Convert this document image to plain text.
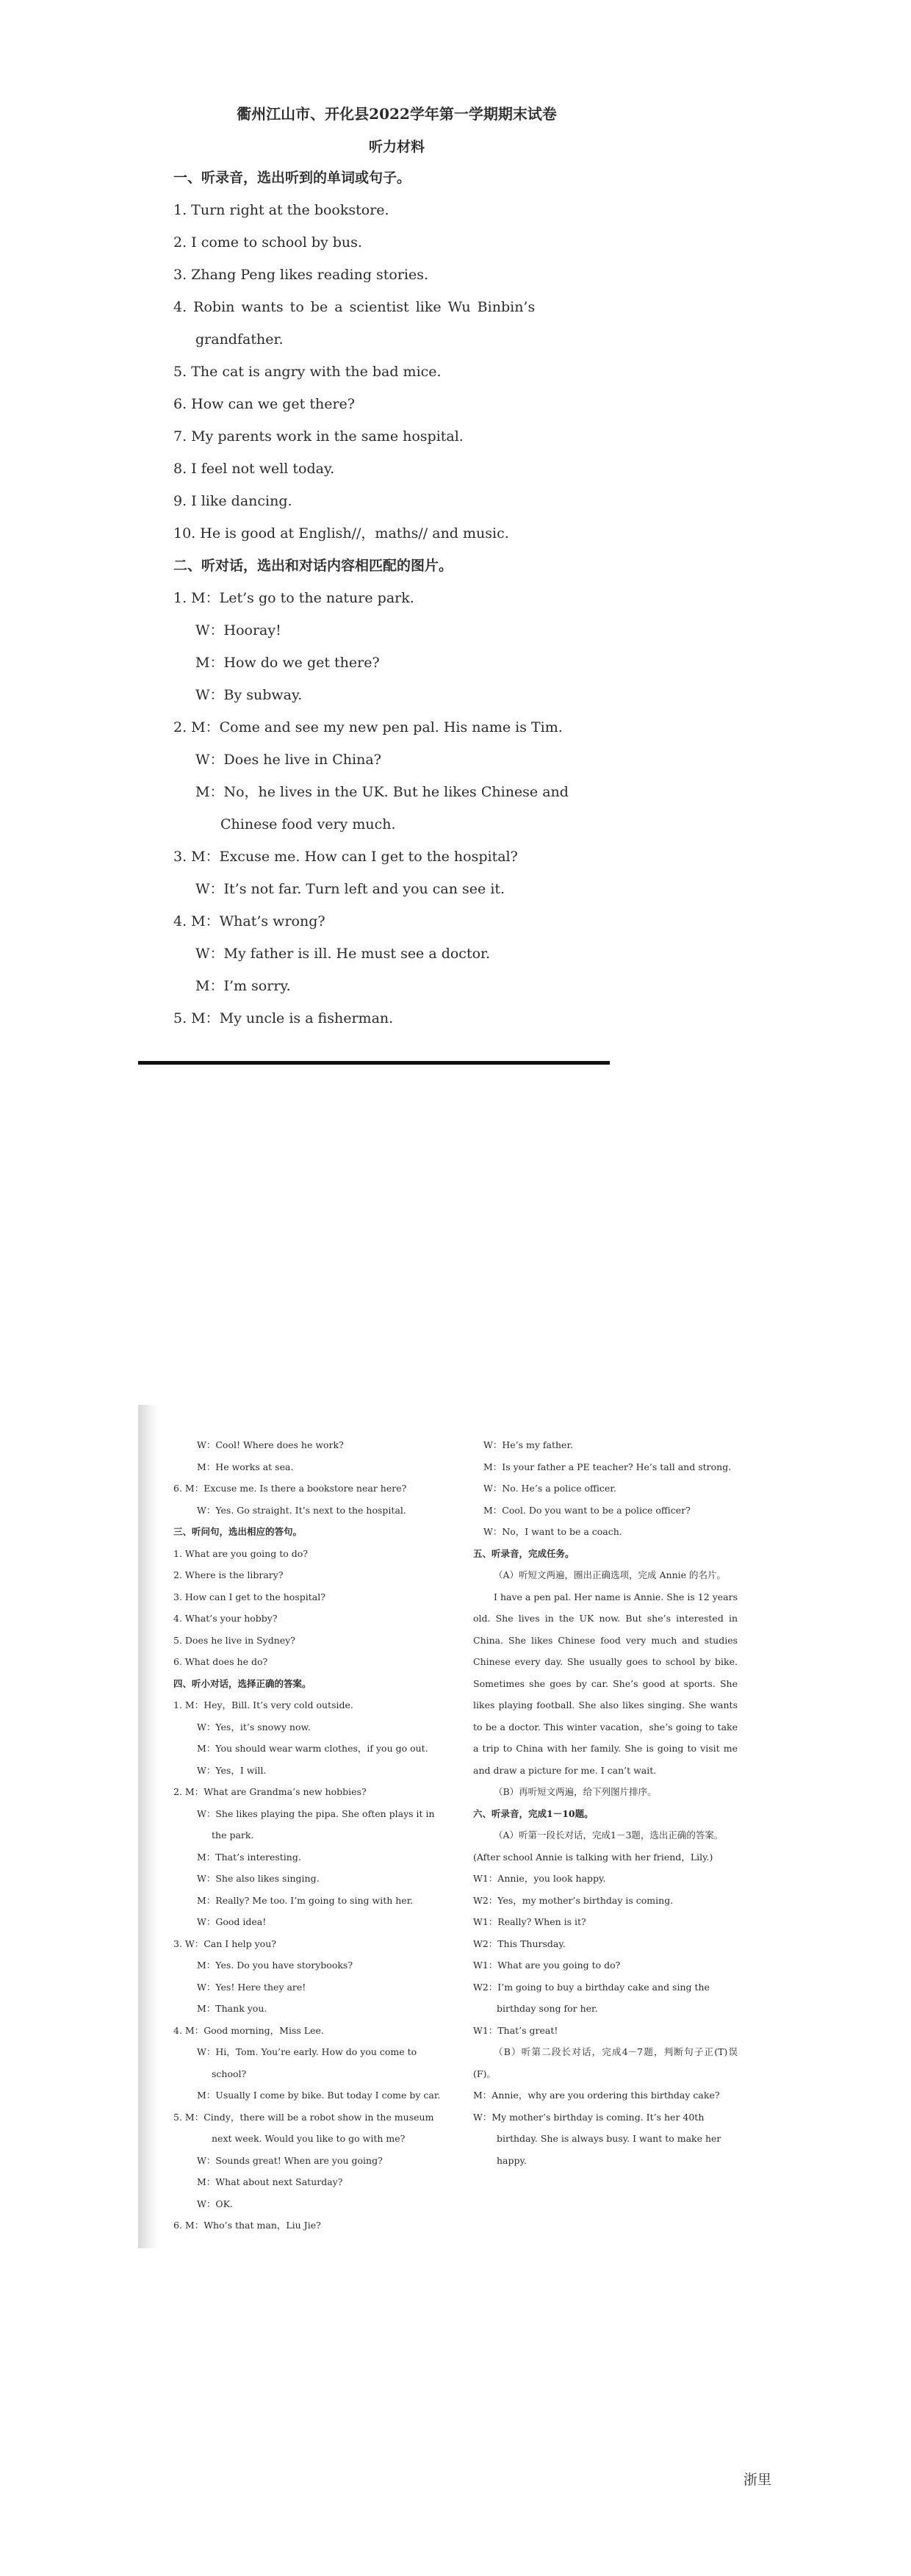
衢州江山市、开化县2022学年第一学期期末试卷
听力材料
一、听录音，选出听到的单词或句子。
1. Turn right at the bookstore.
2. I come to school by bus.
3. Zhang Peng likes reading stories.
4. Robin wants to be a scientist like Wu Binbin’s
grandfather.
5. The cat is angry with the bad mice.
6. How can we get there?
7. My parents work in the same hospital.
8. I feel not well today.
9. I like dancing.
10. He is good at English//，maths// and music.
二、听对话，选出和对话内容相匹配的图片。
1. M：Let’s go to the nature park.
W：Hooray!
M：How do we get there?
W：By subway.
2. M：Come and see my new pen pal. His name is Tim.
W：Does he live in China?
M：No，he lives in the UK. But he likes Chinese and
Chinese food very much.
3. M：Excuse me. How can I get to the hospital?
W：It’s not far. Turn left and you can see it.
4. M：What’s wrong?
W：My father is ill. He must see a doctor.
M：I’m sorry.
5. M：My uncle is a fisherman.
W：Cool! Where does he work?
M：He works at sea.
6. M：Excuse me. Is there a bookstore near here?
W：Yes. Go straight. It’s next to the hospital.
三、听问句，选出相应的答句。
1. What are you going to do?
2. Where is the library?
3. How can I get to the hospital?
4. What’s your hobby?
5. Does he live in Sydney?
6. What does he do?
四、听小对话，选择正确的答案。
1. M：Hey，Bill. It’s very cold outside.
W：Yes，it’s snowy now.
M：You should wear warm clothes，if you go out.
W：Yes，I will.
2. M：What are Grandma’s new hobbies?
W：She likes playing the pipa. She often plays it in
the park.
M：That’s interesting.
W：She also likes singing.
M：Really? Me too. I’m going to sing with her.
W：Good idea!
3. W：Can I help you?
M：Yes. Do you have storybooks?
W：Yes! Here they are!
M：Thank you.
4. M：Good morning，Miss Lee.
W：Hi，Tom. You’re early. How do you come to
school?
M：Usually I come by bike. But today I come by car.
5. M：Cindy，there will be a robot show in the museum
next week. Would you like to go with me?
W：Sounds great! When are you going?
M：What about next Saturday?
W：OK.
6. M：Who’s that man，Liu Jie?
W：He’s my father.
M：Is your father a PE teacher? He’s tall and strong.
W：No. He’s a police officer.
M：Cool. Do you want to be a police officer?
W：No，I want to be a coach.
五、听录音，完成任务。
（A）听短文两遍，圈出正确选项，完成 Annie 的名片。
I have a pen pal. Her name is Annie. She is 12 years old. She lives in the UK now. But she’s interested in China. She likes Chinese food very much and studies Chinese every day. She usually goes to school by bike. Sometimes she goes by car. She’s good at sports. She likes playing football. She also likes singing. She wants to be a doctor. This winter vacation，she’s going to take a trip to China with her family. She is going to visit me and draw a picture for me. I can’t wait.
（B）再听短文两遍，给下列图片排序。
六、听录音，完成1－10题。
（A）听第一段长对话，完成1－3题，选出正确的答案。
(After school Annie is talking with her friend，Lily.)
W1：Annie，you look happy.
W2：Yes，my mother’s birthday is coming.
W1：Really? When is it?
W2：This Thursday.
W1：What are you going to do?
W2：I’m going to buy a birthday cake and sing the
birthday song for her.
W1：That’s great!
（B）听第二段长对话，完成4－7题，判断句子正(T)误(F)。
M：Annie，why are you ordering this birthday cake?
W：My mother’s birthday is coming. It’s her 40th
birthday. She is always busy. I want to make her
happy.
浙里
